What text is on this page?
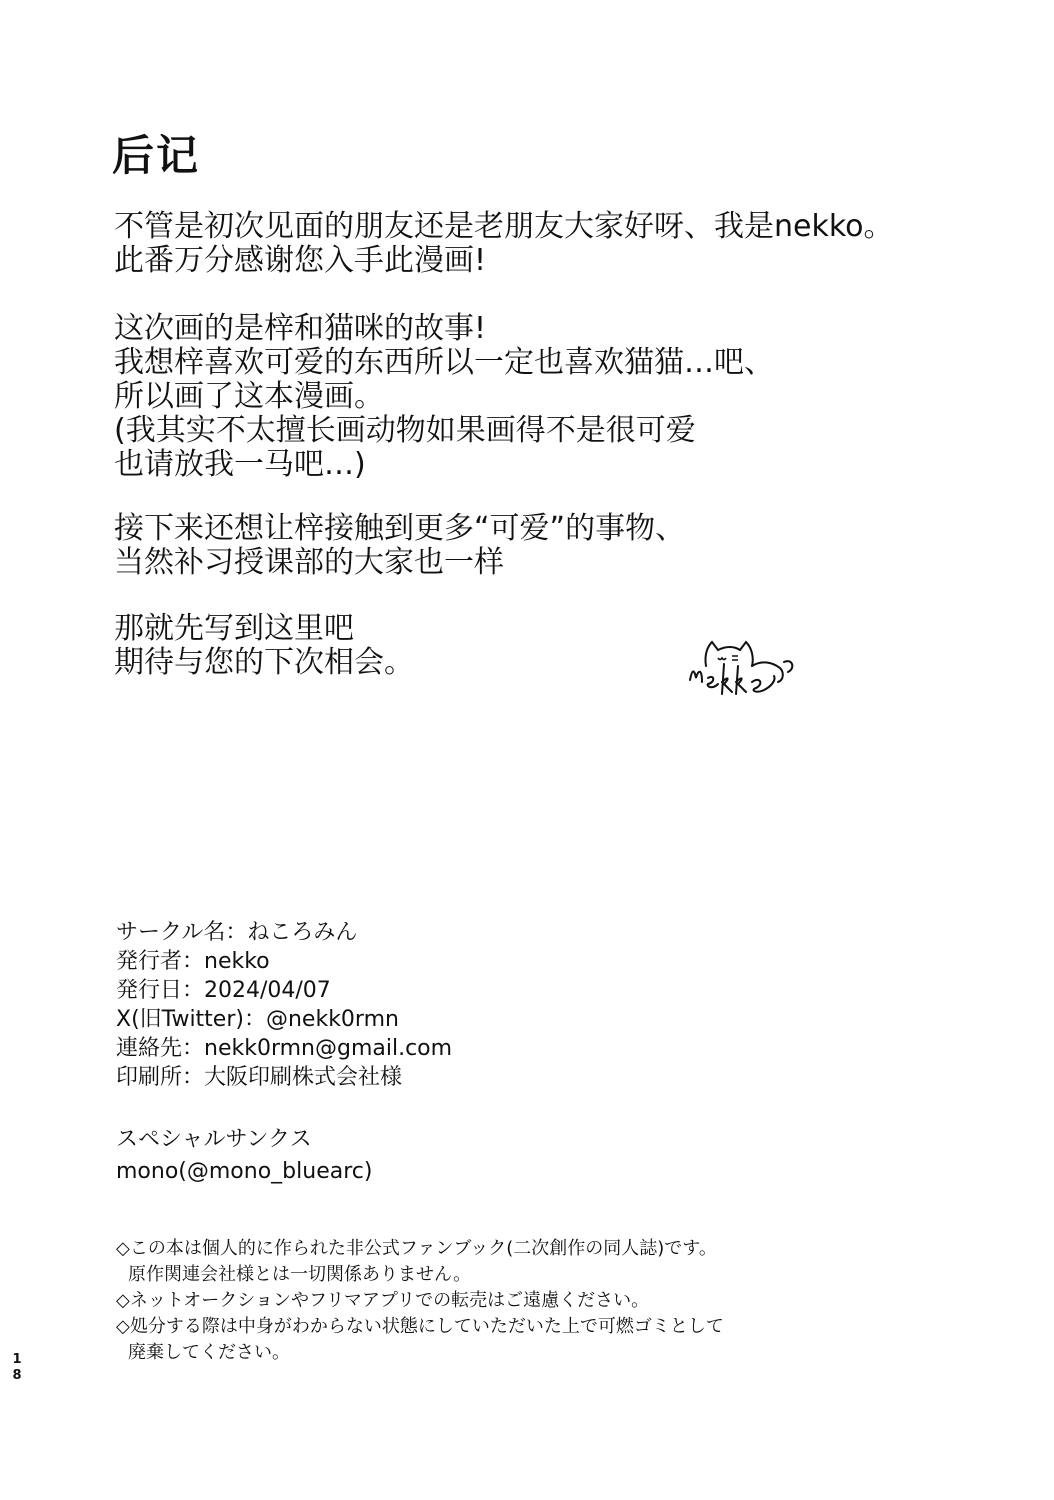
后记
不管是初次见面的朋友还是老朋友大家好呀、我是nekko。
此番万分感谢您入手此漫画!
这次画的是梓和猫咪的故事!
我想梓喜欢可爱的东西所以一定也喜欢猫猫…吧、
所以画了这本漫画。
(我其实不太擅长画动物如果画得不是很可爱
也请放我一马吧…)
接下来还想让梓接触到更多“可爱”的事物、
当然补习授课部的大家也一样
那就先写到这里吧
期待与您的下次相会。
サークル名：ねころみん
発行者：nekko
発行日：2024/04/07
X(旧Twitter)：@nekk0rmn
連絡先：nekk0rmn@gmail.com
印刷所：大阪印刷株式会社様
スペシャルサンクス
mono(@mono_bluearc)
◇この本は個人的に作られた非公式ファンブック(二次創作の同人誌)です。
原作関連会社様とは一切関係ありません。
◇ネットオークションやフリマアプリでの転売はご遠慮ください。
◇処分する際は中身がわからない状態にしていただいた上で可燃ゴミとして
廃棄してください。
1
8
